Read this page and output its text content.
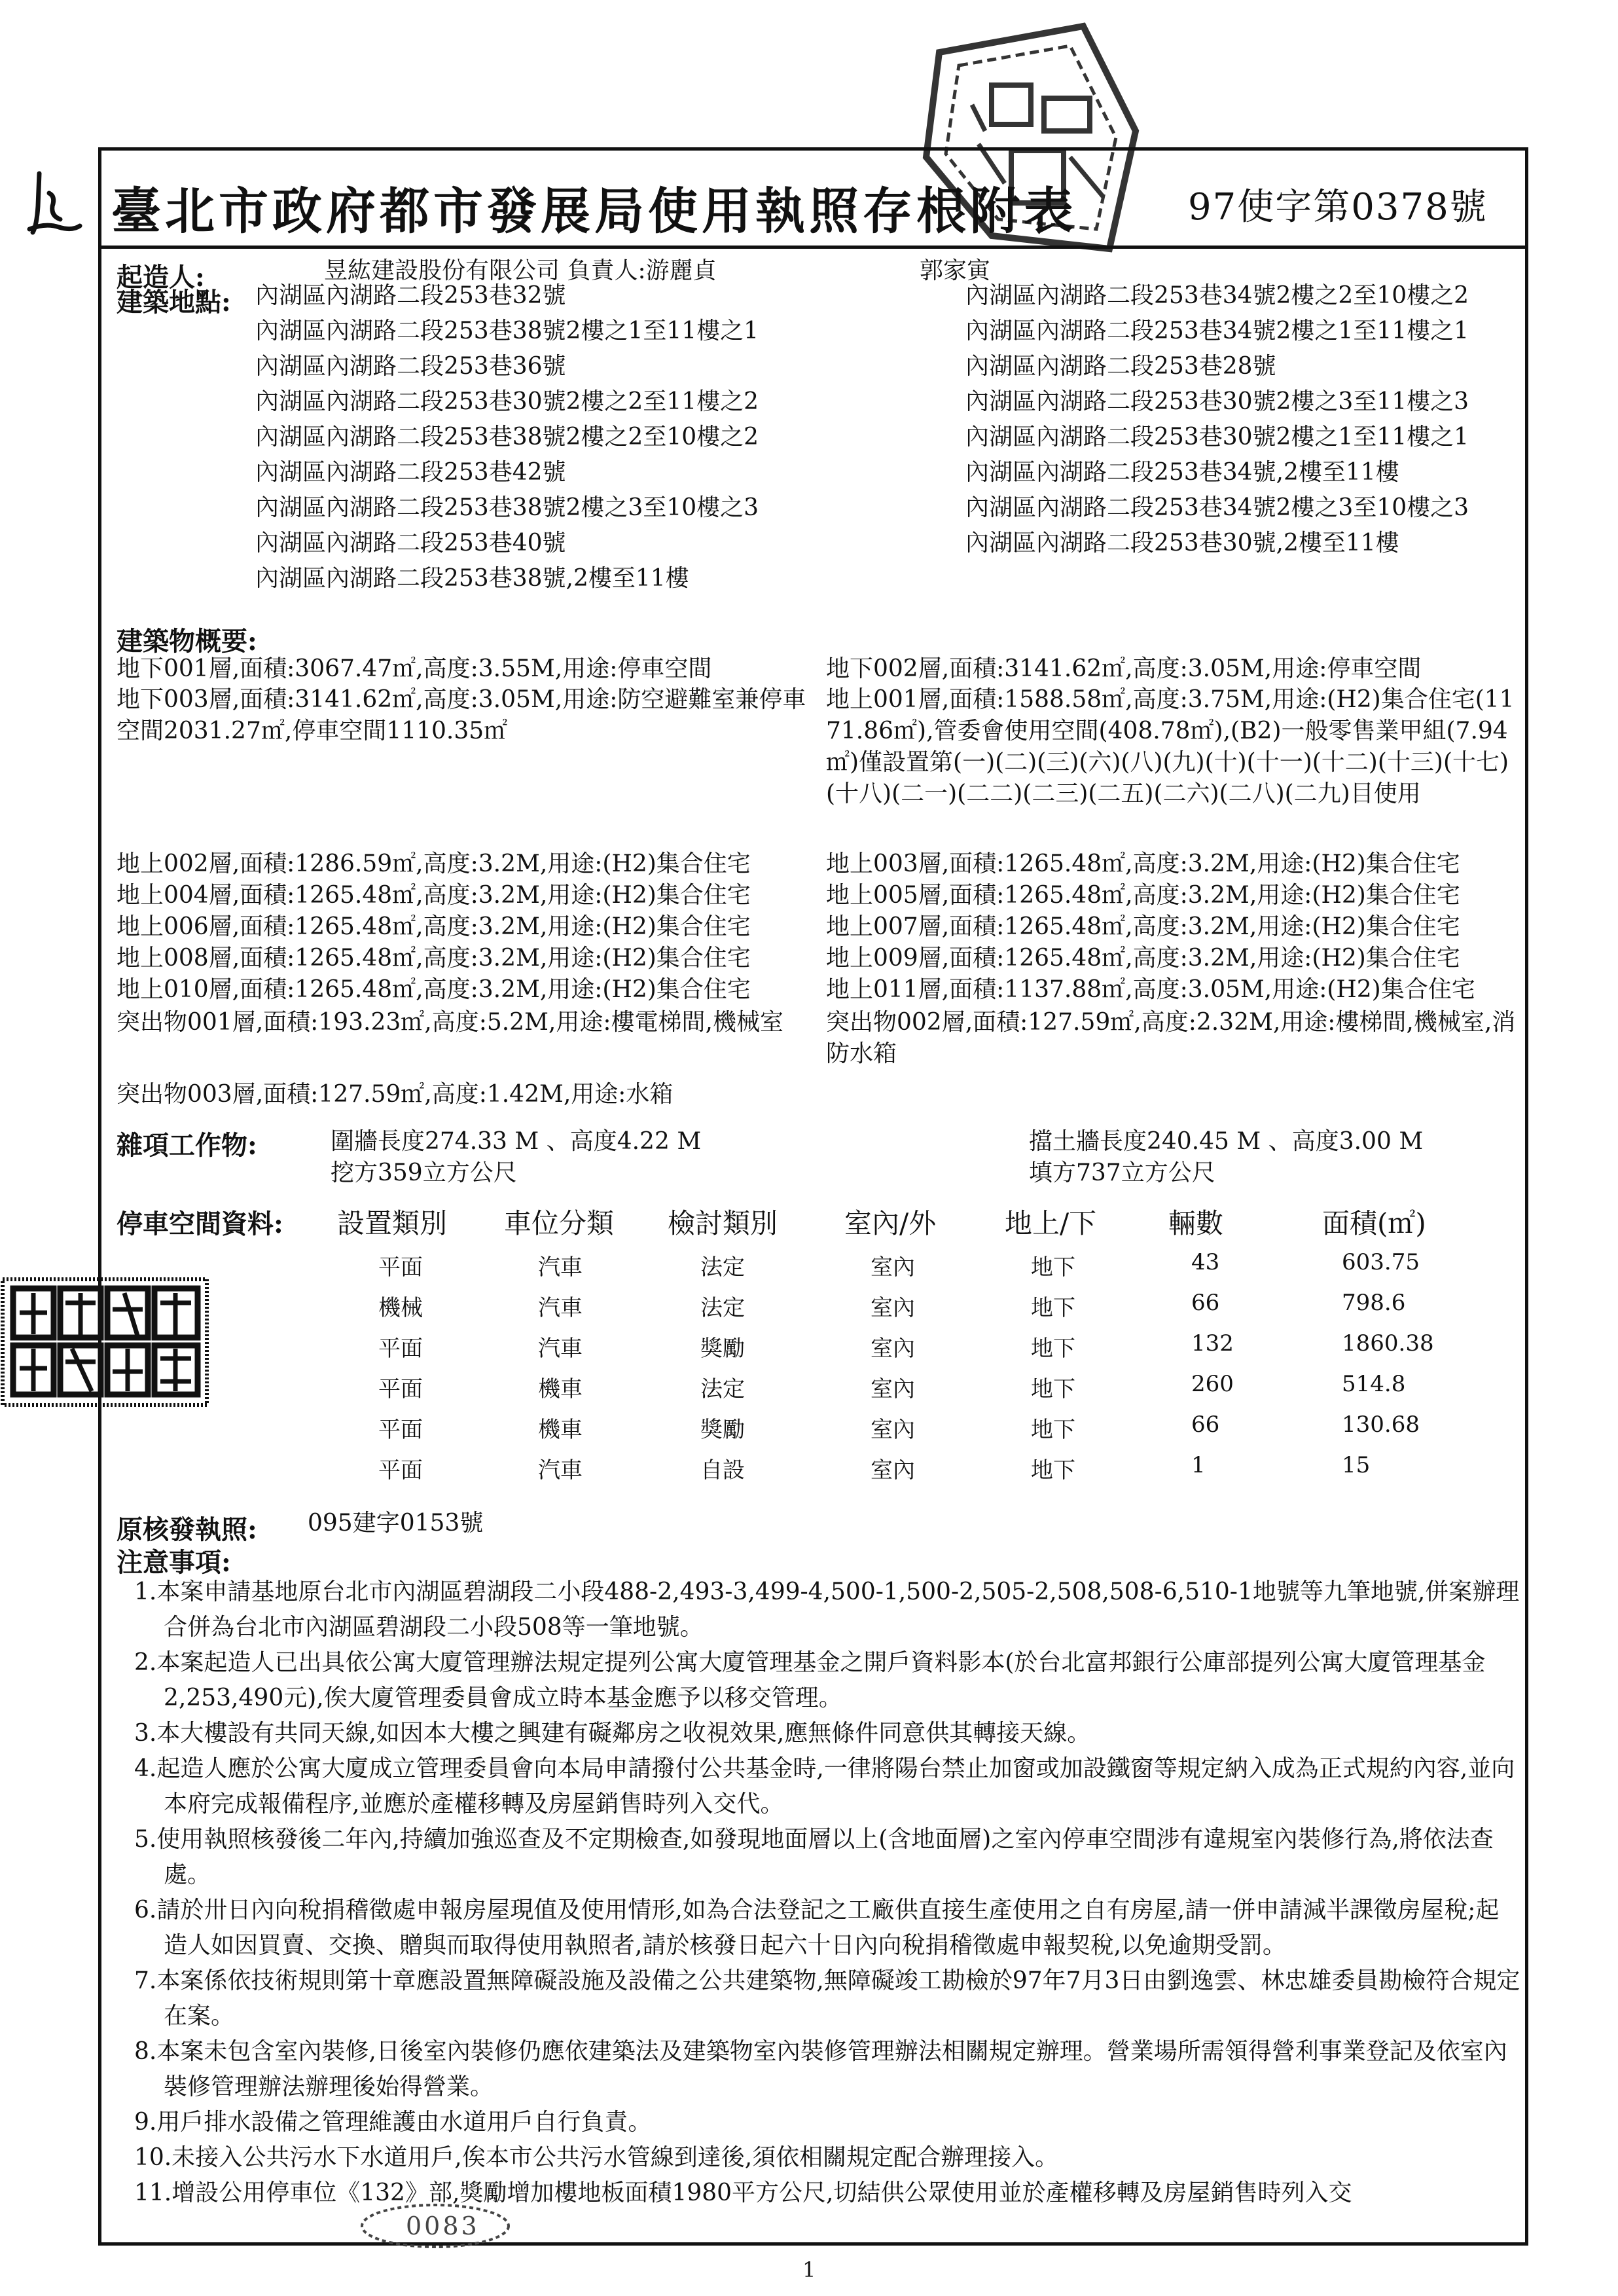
臺北市政府都市發展局使用執照存根附表	97使字第0378號
起造人:	昱紘建設股份有限公司 負責人:游麗貞	郭家寅
建築地點: 內湖區內湖路二段253巷32號
內湖區內湖路二段253巷38號2樓之1至11樓之1
內湖區內湖路二段253巷36號
內湖區內湖路二段253巷30號2樓之2至11樓之2
內湖區內湖路二段253巷38號2樓之2至10樓之2
內湖區內湖路二段253巷42號
內湖區內湖路二段253巷38號2樓之3至10樓之3
內湖區內湖路二段253巷40號
內湖區內湖路二段253巷38號,2樓至11樓
內湖區內湖路二段253巷34號2樓之2至10樓之2
內湖區內湖路二段253巷34號2樓之1至11樓之1
內湖區內湖路二段253巷28號
內湖區內湖路二段253巷30號2樓之3至11樓之3
內湖區內湖路二段253巷30號2樓之1至11樓之1
內湖區內湖路二段253巷34號,2樓至11樓
內湖區內湖路二段253巷34號2樓之3至10樓之3
內湖區內湖路二段253巷30號,2樓至11樓
建築物概要:
地下001層,面積:3067.47㎡,高度:3.55M,用途:停車空間	地下002層,面積:3141.62㎡,高度:3.05M,用途:停車空間
地下003層,面積:3141.62㎡,高度:3.05M,用途:防空避難室兼停車空間2031.27㎡,停車空間1110.35㎡
地上001層,面積:1588.58㎡,高度:3.75M,用途:(H2)集合住宅(1171.86㎡),管委會使用空間(408.78㎡),(B2)一般零售業甲組(7.94㎡)僅設置第(一)(二)(三)(六)(八)(九)(十)(十一)(十二)(十三)(十七)(十八)(二一)(二二)(二三)(二五)(二六)(二八)(二九)目使用
地上002層,面積:1286.59㎡,高度:3.2M,用途:(H2)集合住宅	地上003層,面積:1265.48㎡,高度:3.2M,用途:(H2)集合住宅
地上004層,面積:1265.48㎡,高度:3.2M,用途:(H2)集合住宅	地上005層,面積:1265.48㎡,高度:3.2M,用途:(H2)集合住宅
地上006層,面積:1265.48㎡,高度:3.2M,用途:(H2)集合住宅	地上007層,面積:1265.48㎡,高度:3.2M,用途:(H2)集合住宅
地上008層,面積:1265.48㎡,高度:3.2M,用途:(H2)集合住宅	地上009層,面積:1265.48㎡,高度:3.2M,用途:(H2)集合住宅
地上010層,面積:1265.48㎡,高度:3.2M,用途:(H2)集合住宅	地上011層,面積:1137.88㎡,高度:3.05M,用途:(H2)集合住宅
突出物001層,面積:193.23㎡,高度:5.2M,用途:樓電梯間,機械室	突出物002層,面積:127.59㎡,高度:2.32M,用途:樓梯間,機械室,消防水箱
突出物003層,面積:127.59㎡,高度:1.42M,用途:水箱
雜項工作物:	圍牆長度274.33 M 、高度4.22 M	擋土牆長度240.45 M 、高度3.00 M
挖方359立方公尺	填方737立方公尺
停車空間資料: 設置類別 車位分類 檢討類別 室內/外 地上/下	輛數	面積(㎡)
平面	汽車	法定	室內	地下	43	603.75
機械	汽車	法定	室內	地下	66	798.6
平面	汽車	獎勵	室內	地下	132	1860.38
平面	機車	法定	室內	地下	260	514.8
平面	機車	獎勵	室內	地下	66	130.68
平面	汽車	自設	室內	地下	1	15
原核發執照: 095建字0153號
注意事項:
1.本案申請基地原台北市內湖區碧湖段二小段488-2,493-3,499-4,500-1,500-2,505-2,508,508-6,510-1地號等九筆地號,併案辦理合併為台北市內湖區碧湖段二小段508等一筆地號。
2.本案起造人已出具依公寓大廈管理辦法規定提列公寓大廈管理基金之開戶資料影本(於台北富邦銀行公庫部提列公寓大廈管理基金2,253,490元),俟大廈管理委員會成立時本基金應予以移交管理。
3.本大樓設有共同天線,如因本大樓之興建有礙鄰房之收視效果,應無條件同意供其轉接天線。
4.起造人應於公寓大廈成立管理委員會向本局申請撥付公共基金時,一律將陽台禁止加窗或加設鐵窗等規定納入成為正式規約內容,並向本府完成報備程序,並應於產權移轉及房屋銷售時列入交代。
5.使用執照核發後二年內,持續加強巡查及不定期檢查,如發現地面層以上(含地面層)之室內停車空間涉有違規室內裝修行為,將依法查處。
6.請於卅日內向稅捐稽徵處申報房屋現值及使用情形,如為合法登記之工廠供直接生產使用之自有房屋,請一併申請減半課徵房屋稅;起造人如因買賣、交換、贈與而取得使用執照者,請於核發日起六十日內向稅捐稽徵處申報契稅,以免逾期受罰。
7.本案係依技術規則第十章應設置無障礙設施及設備之公共建築物,無障礙竣工勘檢於97年7月3日由劉逸雲、林忠雄委員勘檢符合規定在案。
8.本案未包含室內裝修,日後室內裝修仍應依建築法及建築物室內裝修管理辦法相關規定辦理。營業場所需領得營利事業登記及依室內裝修管理辦法辦理後始得營業。
9.用戶排水設備之管理維護由水道用戶自行負責。
10.未接入公共污水下水道用戶,俟本市公共污水管線到達後,須依相關規定配合辦理接入。
11.增設公用停車位《132》部,獎勵增加樓地板面積1980平方公尺,切結供公眾使用並於產權移轉及房屋銷售時列入交
0083
1
